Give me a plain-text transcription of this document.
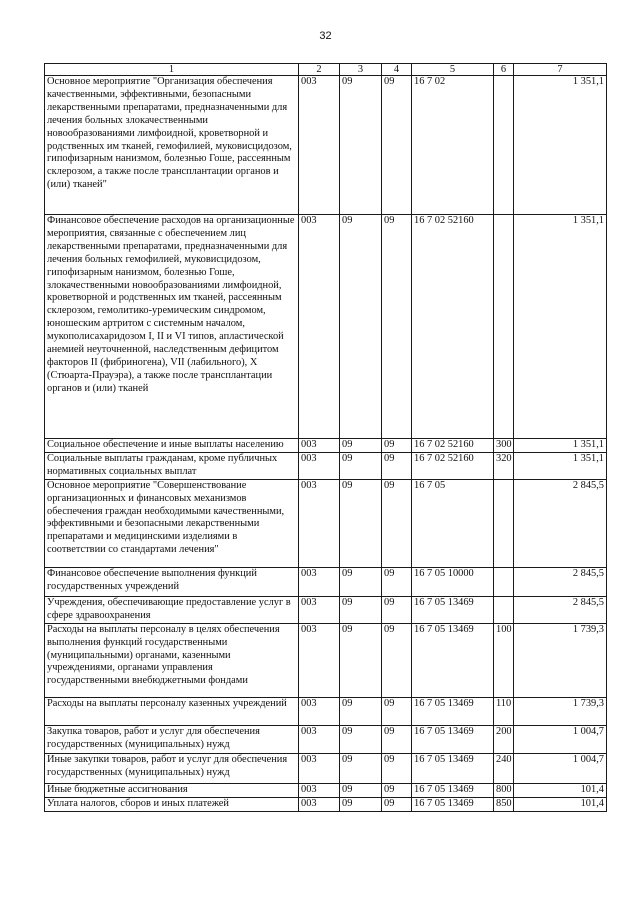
32
1	2	3	4	5	6	7
Основное мероприятие "Организация обеспечения качественными, эффективными, безопасными лекарственными препаратами, предназначенными для лечения больных злокачественными новообразованиями лимфоидной, кроветворной и родственных им тканей, гемофилией, муковисцидозом, гипофизарным нанизмом, болезнью Гоше, рассеянным склерозом, а также после трансплантации органов и (или) тканей"	003	09	09	16 7 02		1 351,1
Финансовое обеспечение расходов на организационные мероприятия, связанные с обеспечением лиц лекарственными препаратами, предназначенными для лечения больных гемофилией, муковисцидозом, гипофизарным нанизмом, болезнью Гоше, злокачественными новообразованиями лимфоидной, кроветворной и родственных им тканей, рассеянным склерозом, гемолитико-уремическим синдромом, юношеским артритом с системным началом, мукополисахаридозом I, II и VI типов, апластической анемией неуточненной, наследственным дефицитом факторов II (фибриногена), VII (лабильного), X (Стюарта-Прауэра), а также после трансплантации органов и (или) тканей	003	09	09	16 7 02 52160		1 351,1
Социальное обеспечение и иные выплаты населению	003	09	09	16 7 02 52160	300	1 351,1
Социальные выплаты гражданам, кроме публичных нормативных социальных выплат	003	09	09	16 7 02 52160	320	1 351,1
Основное мероприятие "Совершенствование организационных и финансовых механизмов обеспечения граждан необходимыми качественными, эффективными и безопасными лекарственными препаратами и медицинскими изделиями в соответствии со стандартами лечения"	003	09	09	16 7 05		2 845,5
Финансовое обеспечение выполнения функций государственных учреждений	003	09	09	16 7 05 10000		2 845,5
Учреждения, обеспечивающие предоставление услуг в сфере здравоохранения	003	09	09	16 7 05 13469		2 845,5
Расходы на выплаты персоналу в целях обеспечения выполнения функций государственными (муниципальными) органами, казенными учреждениями, органами управления государственными внебюджетными фондами	003	09	09	16 7 05 13469	100	1 739,3
Расходы на выплаты персоналу казенных учреждений	003	09	09	16 7 05 13469	110	1 739,3
Закупка товаров, работ и услуг для обеспечения государственных (муниципальных) нужд	003	09	09	16 7 05 13469	200	1 004,7
Иные закупки товаров, работ и услуг для обеспечения государственных (муниципальных) нужд	003	09	09	16 7 05 13469	240	1 004,7
Иные бюджетные ассигнования	003	09	09	16 7 05 13469	800	101,4
Уплата налогов, сборов и иных платежей	003	09	09	16 7 05 13469	850	101,4
